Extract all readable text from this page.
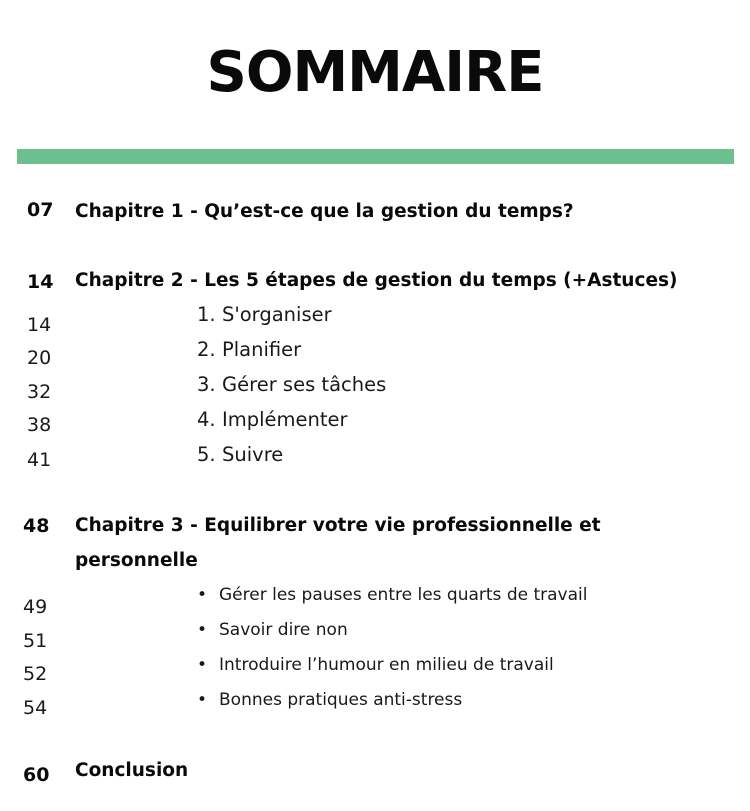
SOMMAIRE
07 Chapitre 1 - Qu’est-ce que la gestion du temps?
14 Chapitre 2 - Les 5 étapes de gestion du temps (+Astuces)
14
20
32
38
41
1. S'organiser
2. Planifier
3. Gérer ses tâches
4. Implémenter
5. Suivre
48 Chapitre 3 - Equilibrer votre vie professionnelle et
personnelle
49
51
52
54
• Gérer les pauses entre les quarts de travail
• Savoir dire non
• Introduire l’humour en milieu de travail
• Bonnes pratiques anti-stress
60 Conclusion
